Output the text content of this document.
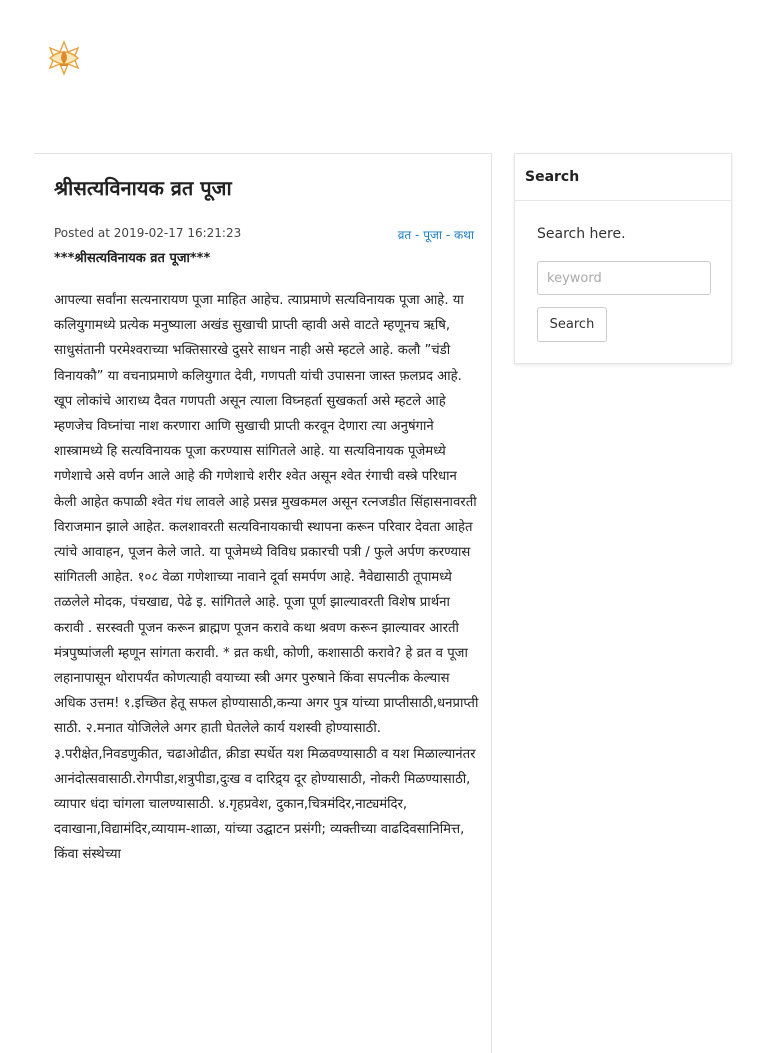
श्रीसत्यविनायक व्रत पूजा
Posted at 2019-02-17 16:21:23	व्रत - पूजा - कथा
***श्रीसत्यविनायक व्रत पूजा***

आपल्या सर्वांना सत्यनारायण पूजा माहित आहेच. त्याप्रमाणे सत्यविनायक पूजा आहे. या कलियुगामध्ये प्रत्येक मनुष्याला अखंड सुखाची प्राप्ती व्हावी असे वाटते म्हणूनच ऋषि, साधुसंतानी परमेश्वराच्या भक्तिसारखे दुसरे साधन नाही असे म्हटले आहे. कलौ ”चंडी विनायकौ” या वचनाप्रमाणे कलियुगात देवी, गणपती यांची उपासना जास्त फ़लप्रद आहे. खूप लोकांचे आराध्य दैवत गणपती असून त्याला विघ्नहर्ता सुखकर्ता असे म्हटले आहे म्हणजेच विघ्नांचा नाश करणारा आणि सुखाची प्राप्ती करवून देणारा त्या अनुषंगाने शास्त्रामध्ये हि सत्यविनायक पूजा करण्यास सांगितले आहे. या सत्यविनायक पूजेमध्ये गणेशाचे असे वर्णन आले आहे की गणेशाचे शरीर श्वेत असून श्वेत रंगाची वस्त्रे परिधान केली आहेत कपाळी श्वेत गंध लावले आहे प्रसन्न मुखकमल असून रत्नजडीत सिंहासनावरती विराजमान झाले आहेत. कलशावरती सत्यविनायकाची स्थापना करून परिवार देवता आहेत त्यांचे आवाहन, पूजन केले जाते. या पूजेमध्ये विविध प्रकारची पत्री / फुले अर्पण करण्यास सांगितली आहेत. १०८ वेळा गणेशाच्या नावाने दूर्वा समर्पण आहे. नैवेद्यासाठी तूपामध्ये तळलेले मोदक, पंचखाद्य, पेढे इ. सांगितले आहे. पूजा पूर्ण झाल्यावरती विशेष प्रार्थना करावी . सरस्वती पूजन करून ब्राह्मण पूजन करावे कथा श्रवण करून झाल्यावर आरती मंत्रपुष्पांजली म्हणून सांगता करावी. * व्रत कधी, कोणी, कशासाठी करावे? हे व्रत व पूजा लहानापासून थोरापर्यंत कोणत्याही वयाच्या स्त्री अगर पुरुषाने किंवा सपत्नीक केल्यास अधिक उत्तम! १.इच्छित हेतू सफल होण्यासाठी,कन्या अगर पुत्र यांच्या प्राप्तीसाठी,धनप्राप्ती साठी. २.मनात योजिलेले अगर हाती घेतलेले कार्य यशस्वी होण्यासाठी. ३.परीक्षेत,निवडणुकीत, चढाओढीत, क्रीडा स्पर्धेत यश मिळवण्यासाठी व यश मिळाल्यानंतर आनंदोत्सवासाठी.रोगपीडा,शत्रुपीडा,दुःख व दारिद्र्य दूर होण्यासाठी, नोकरी मिळण्यासाठी, व्यापार धंदा चांगला चालण्यासाठी. ४.गृहप्रवेश, दुकान,चित्रमंदिर,नाट्यमंदिर, दवाखाना,विद्यामंदिर,व्यायाम-शाळा, यांच्या उद्घाटन प्रसंगी; व्यक्तीच्या वाढदिवसानिमित्त, किंवा संस्थेच्या

Search
Search here.
keyword
Search
